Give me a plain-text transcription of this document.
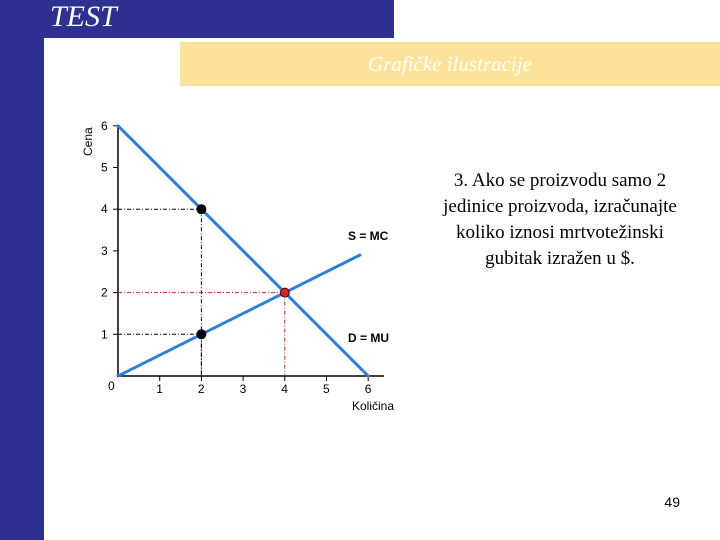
TEST
Grafičke ilustracije
1	2	3	4	5	6
1
2
3
4
5
6
S = MC
D = MU
Količina
Cena
0
3. Ako se proizvodu samo 2 jedinice proizvoda, izračunajte koliko iznosi mrtvotežinski gubitak izražen u $.
49
